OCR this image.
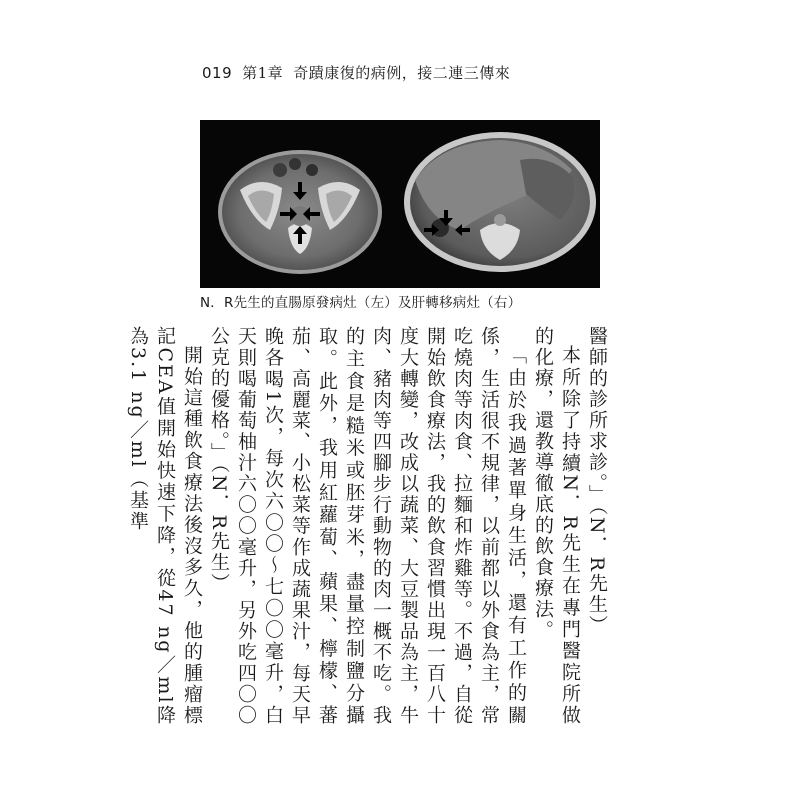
019 第1章 奇蹟康復的病例，接二連三傳來
N．R先生的直腸原發病灶（左）及肝轉移病灶（右）

醫師的診所求診。」（N．R先生）

本所除了持續N．R先生在專門醫院所做的化療，還教導徹底的飲食療法。

「由於我過著單身生活，還有工作的關係，生活很不規律，以前都以外食為主，常吃燒肉等肉食、拉麵和炸雞等。不過，自從開始飲食療法，我的飲食習慣出現一百八十度大轉變，改成以蔬菜、大豆製品為主，牛肉、豬肉等四腳步行動物的肉一概不吃。我的主食是糙米或胚芽米，盡量控制鹽分攝取。此外，我用紅蘿蔔、蘋果、檸檬、蕃茄、高麗菜、小松菜等作成蔬果汁，每天早晚各喝1次，每次六〇〇～七〇〇毫升，白天則喝葡萄柚汁六〇〇毫升，另外吃四〇〇公克的優格。」（N．R先生）

開始這種飲食療法後沒多久，他的腫瘤標記CEA值開始快速下降，從47 ng／ml降為3.1 ng／ml（基準
